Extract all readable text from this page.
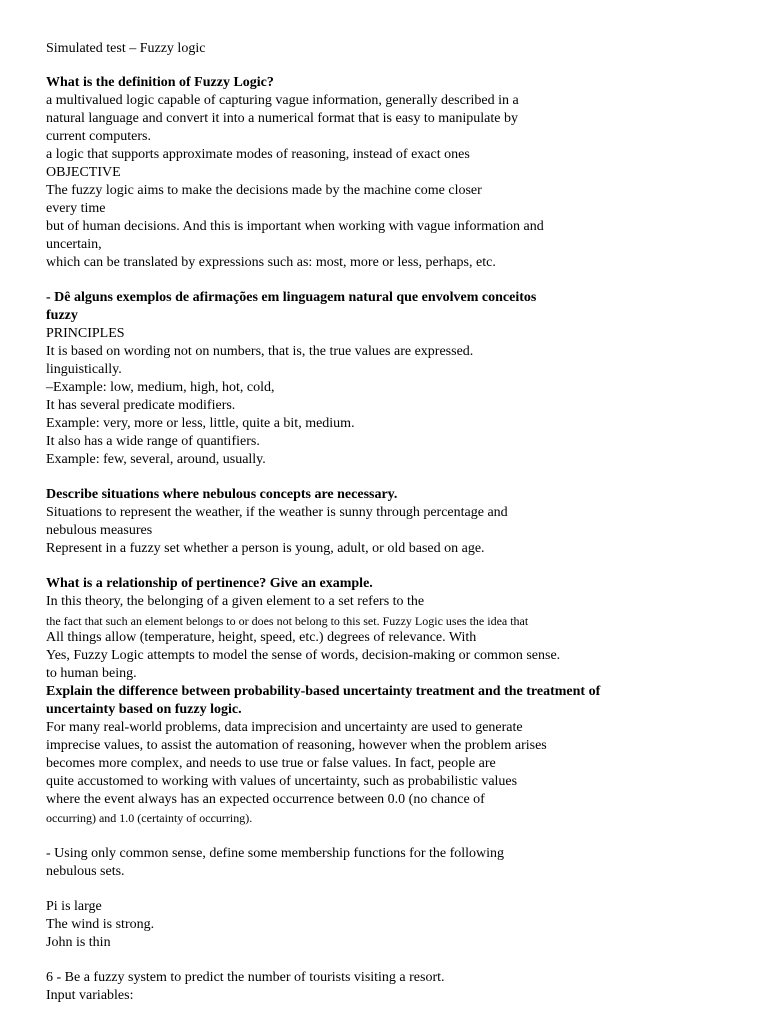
Simulated test – Fuzzy logic
What is the definition of Fuzzy Logic?
a multivalued logic capable of capturing vague information, generally described in a
natural language and convert it into a numerical format that is easy to manipulate by
current computers.
a logic that supports approximate modes of reasoning, instead of exact ones
OBJECTIVE
The fuzzy logic aims to make the decisions made by the machine come closer
every time
but of human decisions. And this is important when working with vague information and
uncertain,
which can be translated by expressions such as: most, more or less, perhaps, etc.
- Dê alguns exemplos de afirmações em linguagem natural que envolvem conceitos
fuzzy
PRINCIPLES
It is based on wording not on numbers, that is, the true values are expressed.
linguistically.
–Example: low, medium, high, hot, cold,
It has several predicate modifiers.
Example: very, more or less, little, quite a bit, medium.
It also has a wide range of quantifiers.
Example: few, several, around, usually.
Describe situations where nebulous concepts are necessary.
Situations to represent the weather, if the weather is sunny through percentage and
nebulous measures
Represent in a fuzzy set whether a person is young, adult, or old based on age.
What is a relationship of pertinence? Give an example.
In this theory, the belonging of a given element to a set refers to the
the fact that such an element belongs to or does not belong to this set. Fuzzy Logic uses the idea that
All things allow (temperature, height, speed, etc.) degrees of relevance. With
Yes, Fuzzy Logic attempts to model the sense of words, decision-making or common sense.
to human being.
Explain the difference between probability-based uncertainty treatment and the treatment of
uncertainty based on fuzzy logic.
For many real-world problems, data imprecision and uncertainty are used to generate
imprecise values, to assist the automation of reasoning, however when the problem arises
becomes more complex, and needs to use true or false values. In fact, people are
quite accustomed to working with values of uncertainty, such as probabilistic values
where the event always has an expected occurrence between 0.0 (no chance of
occurring) and 1.0 (certainty of occurring).
- Using only common sense, define some membership functions for the following
nebulous sets.
Pi is large
The wind is strong.
John is thin
6 - Be a fuzzy system to predict the number of tourists visiting a resort.
Input variables:
